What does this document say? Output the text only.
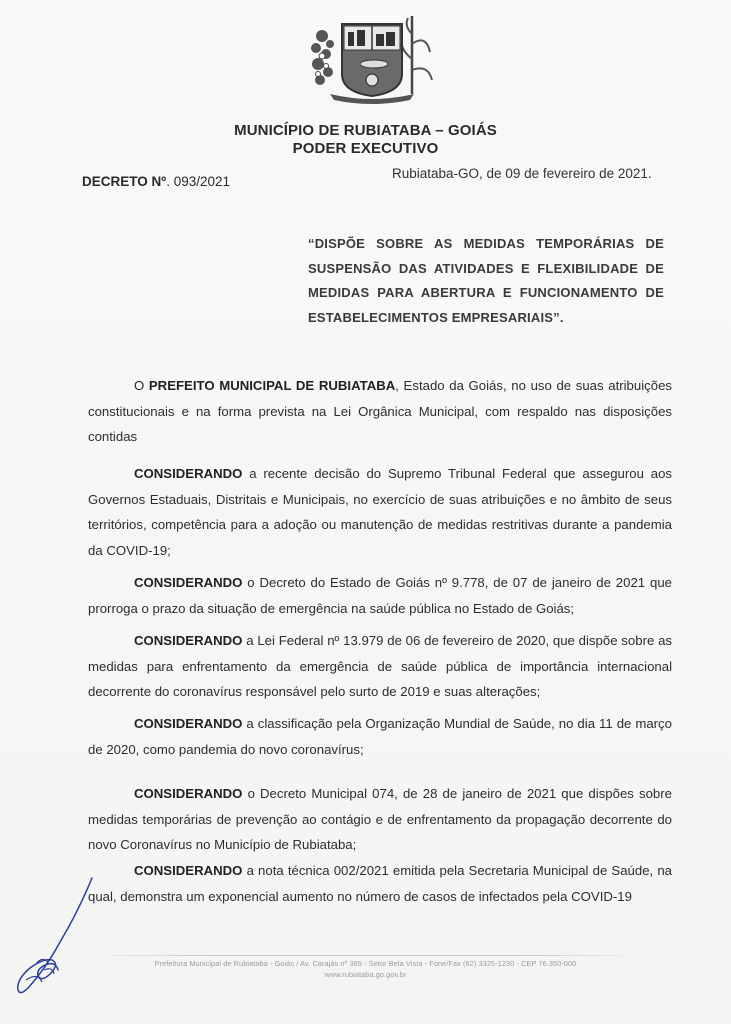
MUNICÍPIO DE RUBIATABA – GOIÁS
PODER EXECUTIVO
DECRETO Nº. 093/2021
Rubiataba-GO, de 09 de fevereiro de 2021.
“DISPÕE SOBRE AS MEDIDAS TEMPORÁRIAS DE SUSPENSÃO DAS ATIVIDADES E FLEXIBILIDADE DE MEDIDAS PARA ABERTURA E FUNCIONAMENTO DE ESTABELECIMENTOS EMPRESARIAIS”.

O PREFEITO MUNICIPAL DE RUBIATABA, Estado da Goiás, no uso de suas atribuições constitucionais e na forma prevista na Lei Orgânica Municipal, com respaldo nas disposições contidas

CONSIDERANDO a recente decisão do Supremo Tribunal Federal que assegurou aos Governos Estaduais, Distritais e Municipais, no exercício de suas atribuições e no âmbito de seus territórios, competência para a adoção ou manutenção de medidas restritivas durante a pandemia da COVID-19;

CONSIDERANDO o Decreto do Estado de Goiás nº 9.778, de 07 de janeiro de 2021 que prorroga o prazo da situação de emergência na saúde pública no Estado de Goiás;

CONSIDERANDO a Lei Federal nº 13.979 de 06 de fevereiro de 2020, que dispõe sobre as medidas para enfrentamento da emergência de saúde pública de importância internacional decorrente do coronavírus responsável pelo surto de 2019 e suas alterações;

CONSIDERANDO a classificação pela Organização Mundial de Saúde, no dia 11 de março de 2020, como pandemia do novo coronavírus;

CONSIDERANDO o Decreto Municipal 074, de 28 de janeiro de 2021 que dispões sobre medidas temporárias de prevenção ao contágio e de enfrentamento da propagação decorrente do novo Coronavírus no Município de Rubiataba;

CONSIDERANDO a nota técnica 002/2021 emitida pela Secretaria Municipal de Saúde, na qual, demonstra um exponencial aumento no número de casos de infectados pela COVID-19

Prefeitura Municipal de Rubiataba - Goiás / Av. Carajás nº 385 - Setor Bela Vista - Fone/Fax (62) 3325-1230 - CEP 76.350-000
www.rubiataba.go.gov.br
